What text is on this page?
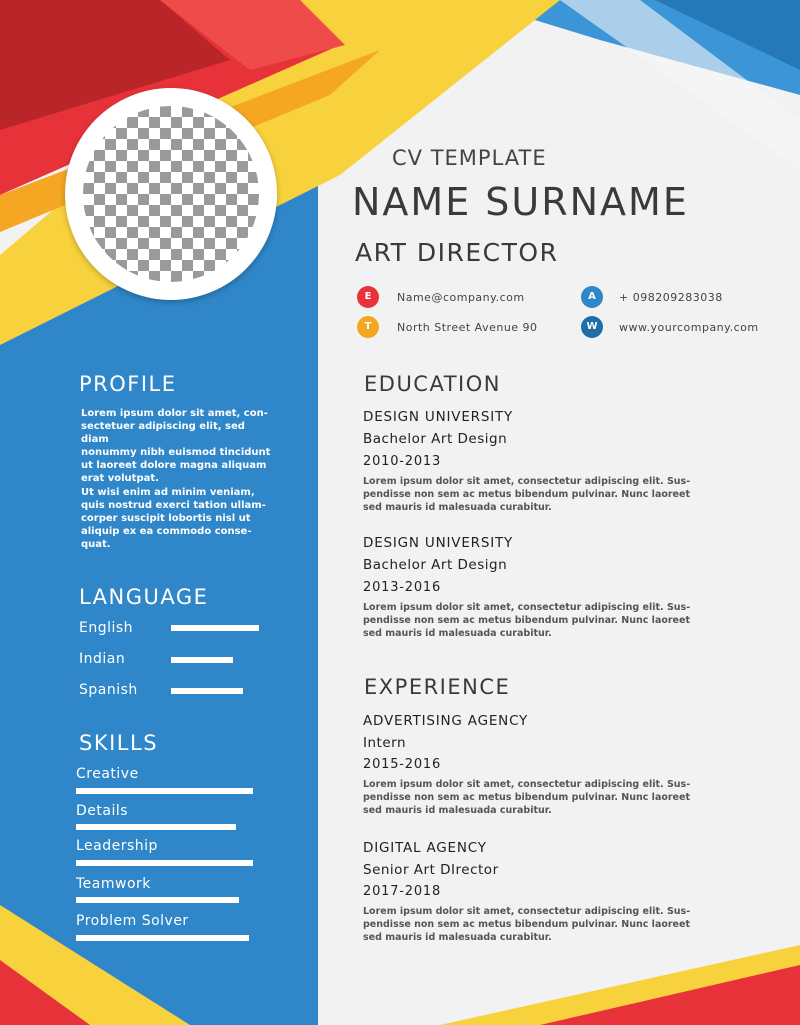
CV TEMPLATE
NAME SURNAME
ART DIRECTOR
E	Name@company.com	A	+ 098209283038
T	North Street Avenue 90	W	www.yourcompany.com
PROFILE
Lorem ipsum dolor sit amet, con-
sectetuer adipiscing elit, sed diam
nonummy nibh euismod tincidunt
ut laoreet dolore magna aliquam
erat volutpat.
Ut wisi enim ad minim veniam,
quis nostrud exerci tation ullam-
corper suscipit lobortis nisl ut
aliquip ex ea commodo conse-
quat.
LANGUAGE
English
Indian
Spanish
SKILLS
Creative
Details
Leadership
Teamwork
Problem Solver
EDUCATION
DESIGN UNIVERSITY
Bachelor Art Design
2010-2013
Lorem ipsum dolor sit amet, consectetur adipiscing elit. Sus-
pendisse non sem ac metus bibendum pulvinar. Nunc laoreet
sed mauris id malesuada curabitur.
DESIGN UNIVERSITY
Bachelor Art Design
2013-2016
Lorem ipsum dolor sit amet, consectetur adipiscing elit. Sus-
pendisse non sem ac metus bibendum pulvinar. Nunc laoreet
sed mauris id malesuada curabitur.
EXPERIENCE
ADVERTISING AGENCY
Intern
2015-2016
Lorem ipsum dolor sit amet, consectetur adipiscing elit. Sus-
pendisse non sem ac metus bibendum pulvinar. Nunc laoreet
sed mauris id malesuada curabitur.
DIGITAL AGENCY
Senior Art DIrector
2017-2018
Lorem ipsum dolor sit amet, consectetur adipiscing elit. Sus-
pendisse non sem ac metus bibendum pulvinar. Nunc laoreet
sed mauris id malesuada curabitur.
